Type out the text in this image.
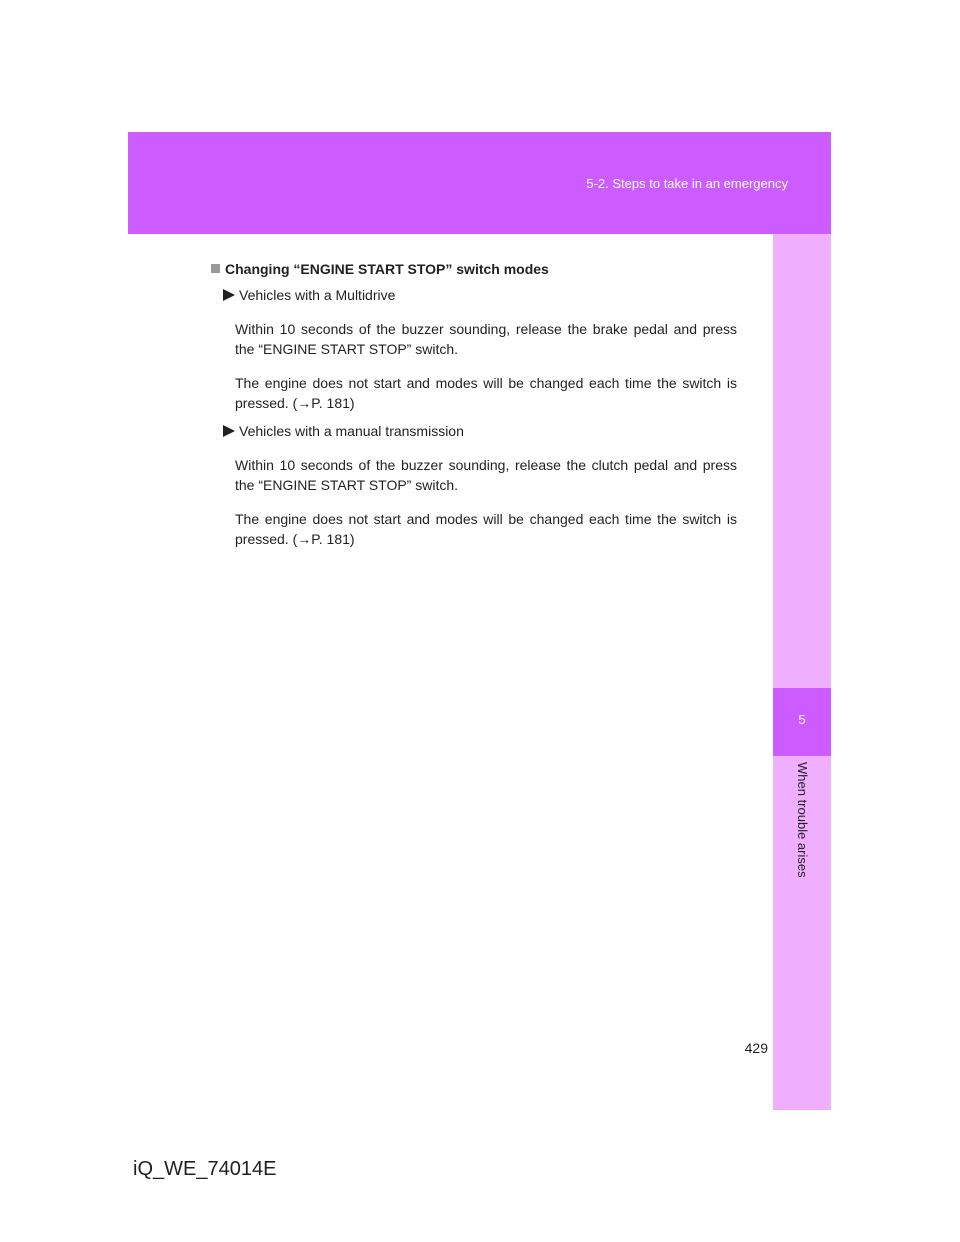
5-2. Steps to take in an emergency
5
When trouble arises
Changing “ENGINE START STOP” switch modes
Vehicles with a Multidrive

Within 10 seconds of the buzzer sounding, release the brake pedal and press the “ENGINE START STOP” switch.

The engine does not start and modes will be changed each time the switch is pressed. (→P. 181)

Vehicles with a manual transmission

Within 10 seconds of the buzzer sounding, release the clutch pedal and press the “ENGINE START STOP” switch.

The engine does not start and modes will be changed each time the switch is pressed. (→P. 181)

429
iQ_WE_74014E
